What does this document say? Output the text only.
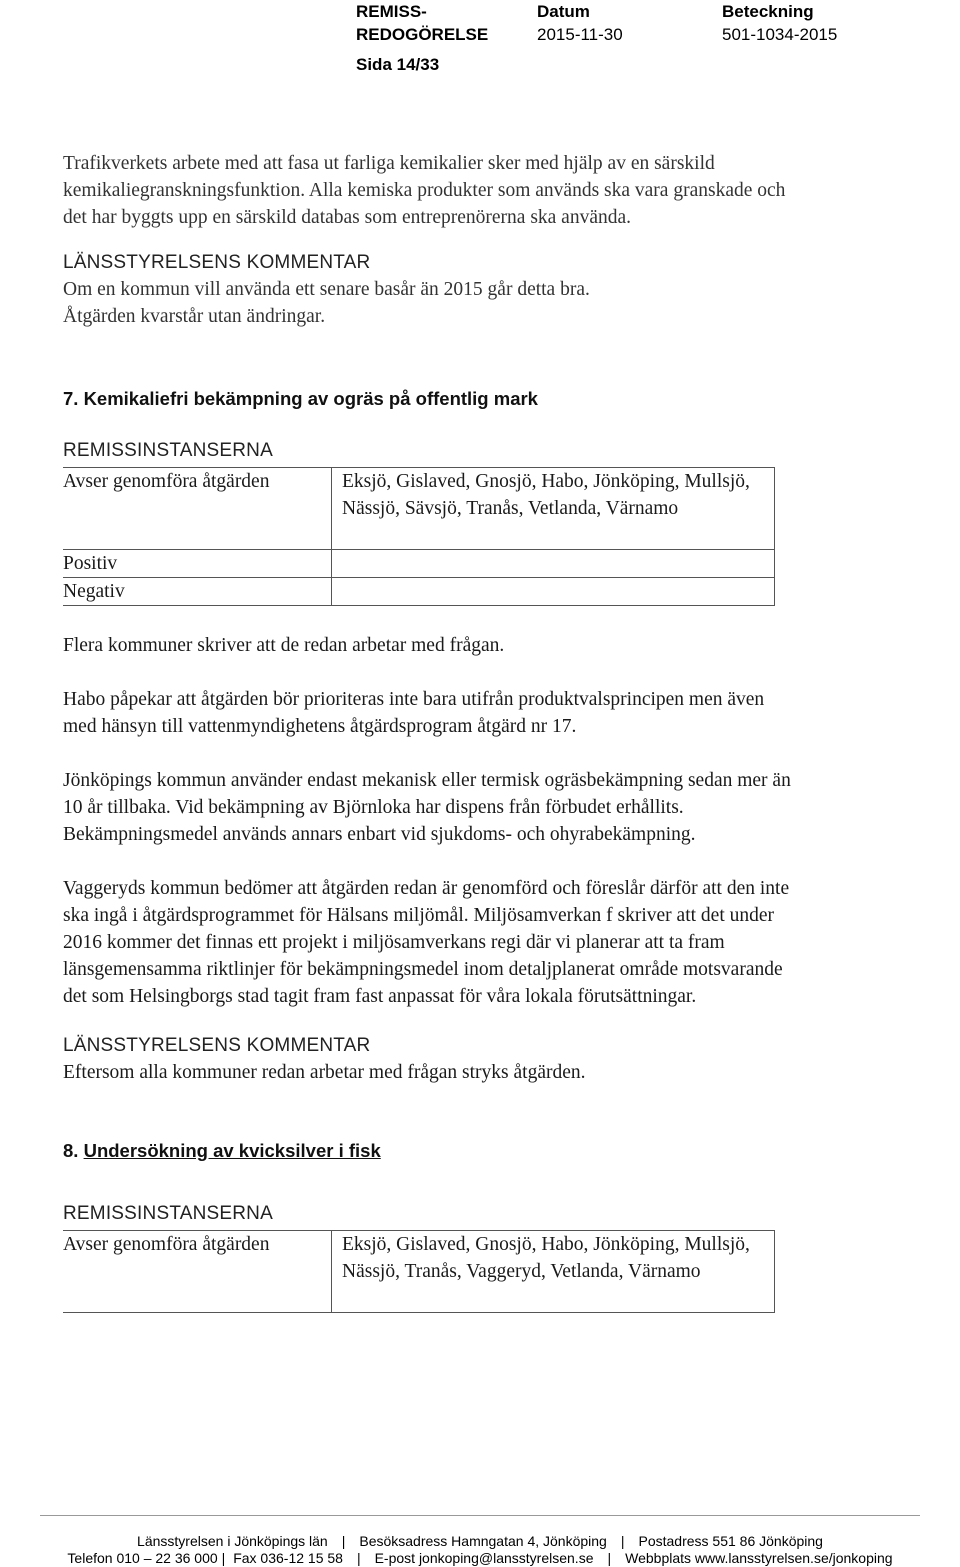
REMISS-
REDOGÖRELSE
Datum
2015-11-30
Beteckning
501-1034-2015
Sida 14/33

Trafikverkets arbete med att fasa ut farliga kemikalier sker med hjälp av en särskild kemikaliegranskningsfunktion. Alla kemiska produkter som används ska vara granskade och det har byggts upp en särskild databas som entreprenörerna ska använda.

LÄNSSTYRELSENS KOMMENTAR

Om en kommun vill använda ett senare basår än 2015 går detta bra.

Åtgärden kvarstår utan ändringar.

7. Kemikaliefri bekämpning av ogräs på offentlig mark

REMISSINSTANSERNA

Avser genomföra åtgärden	Eksjö, Gislaved, Gnosjö, Habo, Jönköping, Mullsjö, Nässjö, Sävsjö, Tranås, Vetlanda, Värnamo
Positiv	
Negativ	

Flera kommuner skriver att de redan arbetar med frågan.

Habo påpekar att åtgärden bör prioriteras inte bara utifrån produktvalsprincipen men även med hänsyn till vattenmyndighetens åtgärdsprogram åtgärd nr 17.

Jönköpings kommun använder endast mekanisk eller termisk ogräsbekämpning sedan mer än 10 år tillbaka. Vid bekämpning av Björnloka har dispens från förbudet erhållits. Bekämpningsmedel används annars enbart vid sjukdoms- och ohyrabekämpning.

Vaggeryds kommun bedömer att åtgärden redan är genomförd och föreslår därför att den inte ska ingå i åtgärdsprogrammet för Hälsans miljömål. Miljösamverkan f skriver att det under 2016 kommer det finnas ett projekt i miljösamverkans regi där vi planerar att ta fram länsgemensamma riktlinjer för bekämpningsmedel inom detaljplanerat område motsvarande det som Helsingborgs stad tagit fram fast anpassat för våra lokala förutsättningar.

LÄNSSTYRELSENS KOMMENTAR

Eftersom alla kommuner redan arbetar med frågan stryks åtgärden.

8. Undersökning av kvicksilver i fisk

REMISSINSTANSERNA

Avser genomföra åtgärden	Eksjö, Gislaved, Gnosjö, Habo, Jönköping, Mullsjö, Nässjö, Tranås, Vaggeryd, Vetlanda, Värnamo
Länsstyrelsen i Jönköpings län | Besöksadress Hamngatan 4, Jönköping | Postadress 551 86 Jönköping
Telefon 010 – 22 36 000 | Fax 036-12 15 58 | E-post jonkoping@lansstyrelsen.se | Webbplats www.lansstyrelsen.se/jonkoping
